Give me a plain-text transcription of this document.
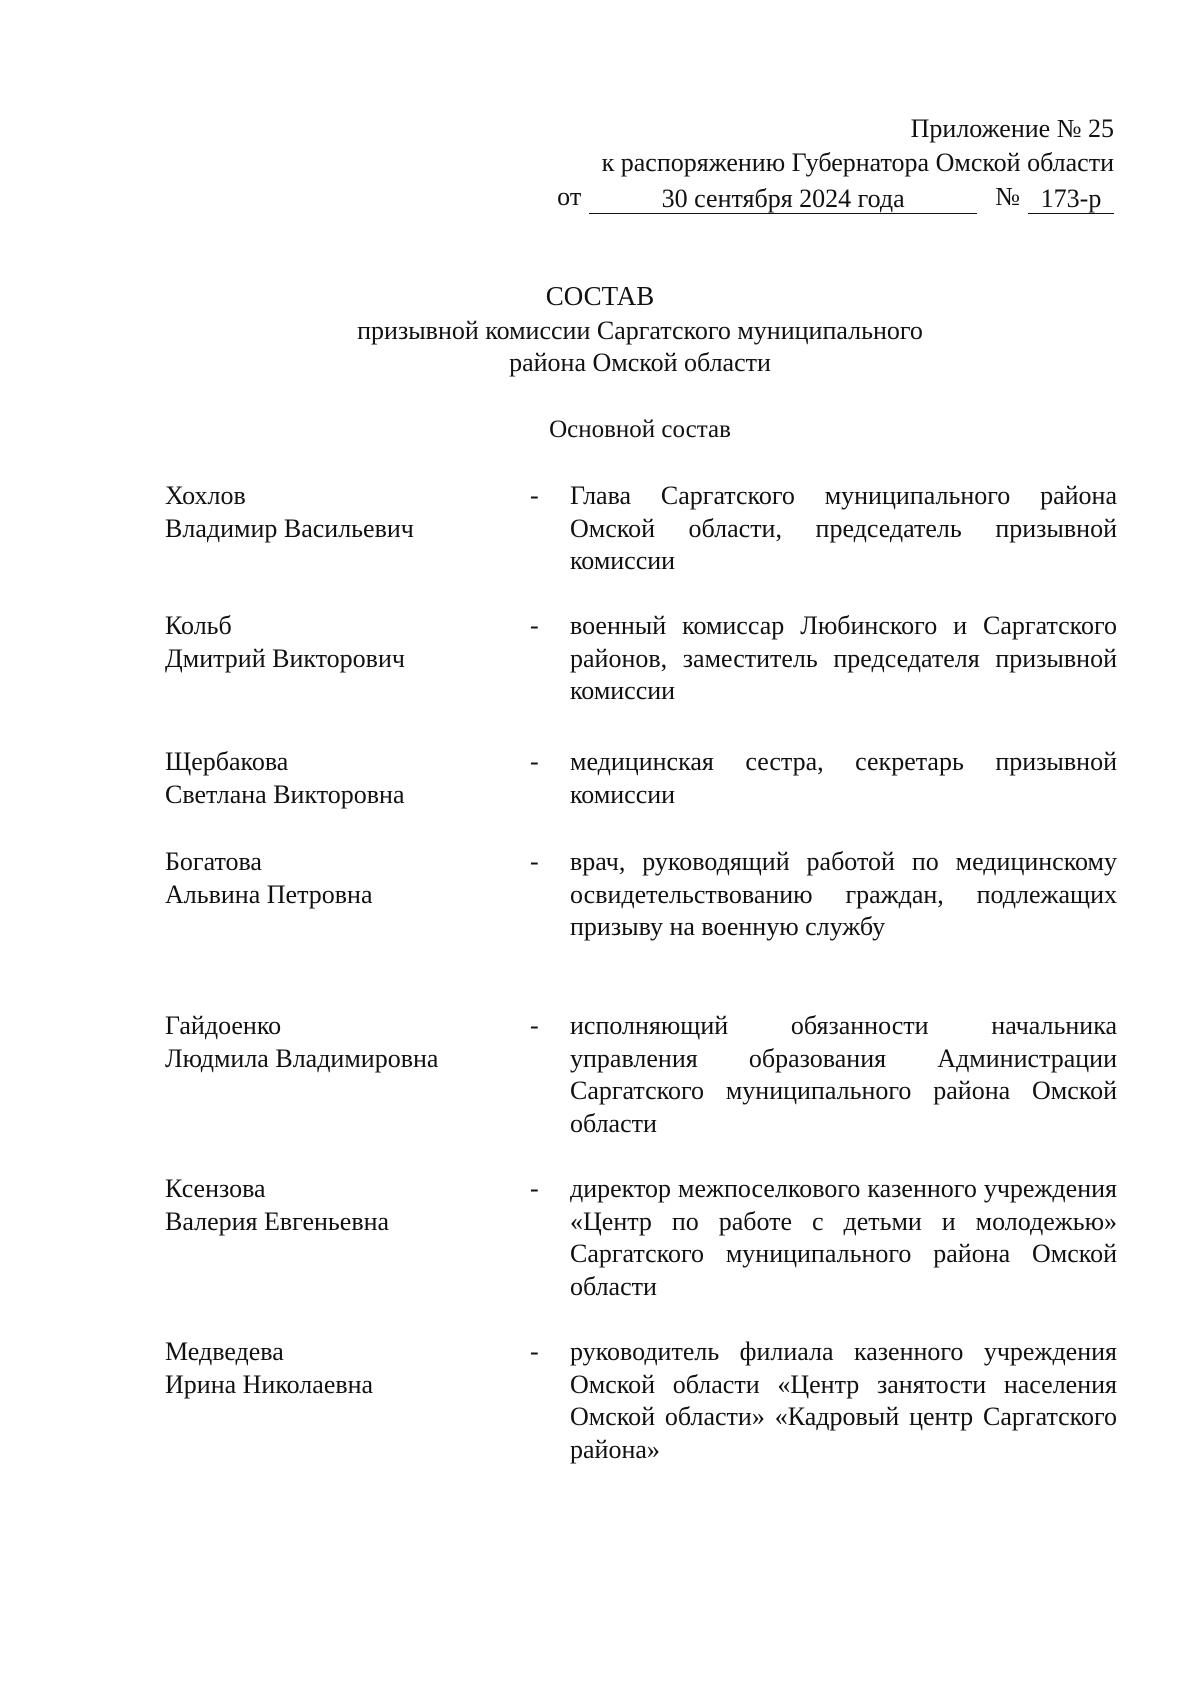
Приложение № 25
к распоряжению Губернатора Омской области
от	30 сентября 2024 года	№ 173-р
СОСТАВ
призывной комиссии Саргатского муниципального
района Омской области
Основной состав
Хохлов
Владимир Васильевич
- Глава Саргатского муниципального района Омской области, председатель призывной комиссии
Кольб
Дмитрий Викторович
- военный комиссар Любинского и Саргатского районов, заместитель председателя призывной комиссии
Щербакова
Светлана Викторовна
- медицинская сестра, секретарь призывной комиссии
Богатова
Альвина Петровна
- врач, руководящий работой по медицинскому освидетельствованию граждан, подлежащих призыву на военную службу
Гайдоенко
Людмила Владимировна
- исполняющий обязанности начальника управления образования Администрации Саргатского муниципального района Омской области
Ксензова
Валерия Евгеньевна
- директор межпоселкового казенного учреждения «Центр по работе с детьми и молодежью» Саргатского муниципального района Омской области
Медведева
Ирина Николаевна
- руководитель филиала казенного учреждения Омской области «Центр занятости населения Омской области» «Кадровый центр Саргатского района»
